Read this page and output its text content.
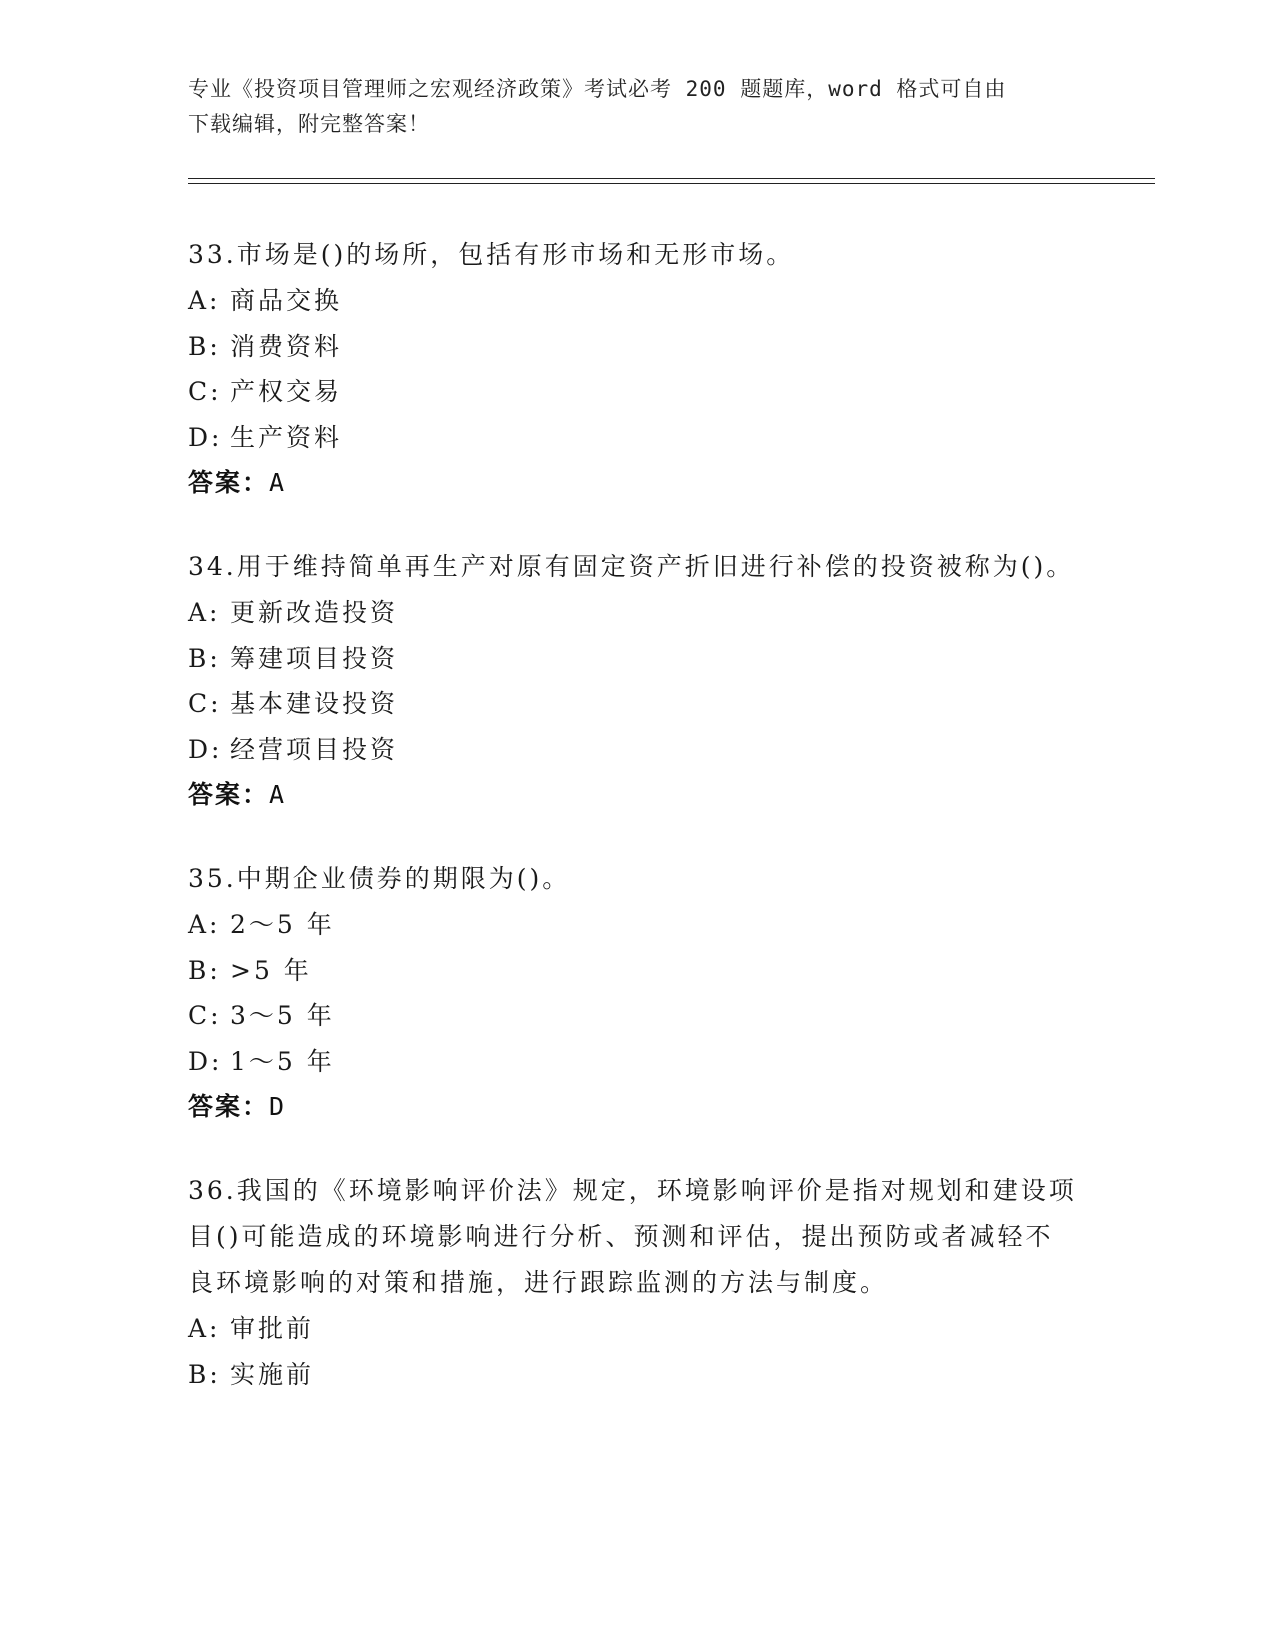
专业《投资项目管理师之宏观经济政策》考试必考 200 题题库，word 格式可自由
下载编辑，附完整答案！
33.市场是()的场所，包括有形市场和无形市场。
A: 商品交换
B: 消费资料
C: 产权交易
D: 生产资料
答案：A
34.用于维持简单再生产对原有固定资产折旧进行补偿的投资被称为()。
A: 更新改造投资
B: 筹建项目投资
C: 基本建设投资
D: 经营项目投资
答案：A
35.中期企业债券的期限为()。
A: 2～5 年
B: >5 年
C: 3～5 年
D: 1～5 年
答案：D
36.我国的《环境影响评价法》规定，环境影响评价是指对规划和建设项目()可能造成的环境影响进行分析、预测和评估，提出预防或者减轻不良环境影响的对策和措施，进行跟踪监测的方法与制度。
A: 审批前
B: 实施前
